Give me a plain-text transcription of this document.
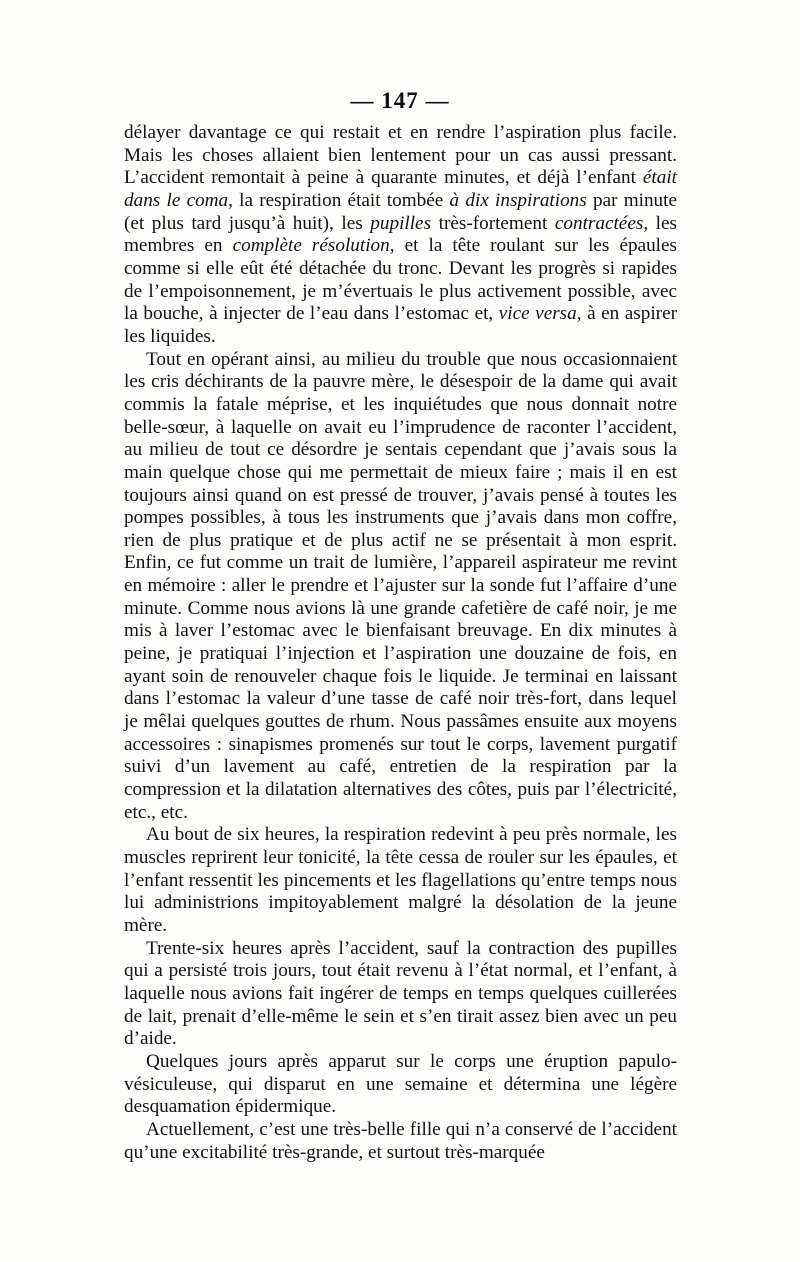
— 147 —

délayer davantage ce qui restait et en rendre l’aspiration plus facile. Mais les choses allaient bien lentement pour un cas aussi pressant. L’accident remontait à peine à quarante minutes, et déjà l’enfant était dans le coma, la respiration était tombée à dix inspirations par minute (et plus tard jusqu’à huit), les pupilles très-fortement contractées, les membres en complète résolution, et la tête roulant sur les épaules comme si elle eût été détachée du tronc. Devant les progrès si rapides de l’empoisonnement, je m’évertuais le plus activement possible, avec la bouche, à injecter de l’eau dans l’estomac et, vice versa, à en aspirer les liquides.

Tout en opérant ainsi, au milieu du trouble que nous occasionnaient les cris déchirants de la pauvre mère, le désespoir de la dame qui avait commis la fatale méprise, et les inquiétudes que nous donnait notre belle-sœur, à laquelle on avait eu l’imprudence de raconter l’accident, au milieu de tout ce désordre je sentais cependant que j’avais sous la main quelque chose qui me permettait de mieux faire ; mais il en est toujours ainsi quand on est pressé de trouver, j’avais pensé à toutes les pompes possibles, à tous les instruments que j’avais dans mon coffre, rien de plus pratique et de plus actif ne se présentait à mon esprit. Enfin, ce fut comme un trait de lumière, l’appareil aspirateur me revint en mémoire : aller le prendre et l’ajuster sur la sonde fut l’affaire d’une minute. Comme nous avions là une grande cafetière de café noir, je me mis à laver l’estomac avec le bienfaisant breuvage. En dix minutes à peine, je pratiquai l’injection et l’aspiration une douzaine de fois, en ayant soin de renouveler chaque fois le liquide. Je terminai en laissant dans l’estomac la valeur d’une tasse de café noir très-fort, dans lequel je mêlai quelques gouttes de rhum. Nous passâmes ensuite aux moyens accessoires : sinapismes promenés sur tout le corps, lavement purgatif suivi d’un lavement au café, entretien de la respiration par la compression et la dilatation alternatives des côtes, puis par l’électricité, etc., etc.

Au bout de six heures, la respiration redevint à peu près normale, les muscles reprirent leur tonicité, la tête cessa de rouler sur les épaules, et l’enfant ressentit les pincements et les flagellations qu’entre temps nous lui administrions impitoyablement malgré la désolation de la jeune mère.

Trente-six heures après l’accident, sauf la contraction des pupilles qui a persisté trois jours, tout était revenu à l’état normal, et l’enfant, à laquelle nous avions fait ingérer de temps en temps quelques cuillerées de lait, prenait d’elle-même le sein et s’en tirait assez bien avec un peu d’aide.

Quelques jours après apparut sur le corps une éruption papulo-vésiculeuse, qui disparut en une semaine et détermina une légère desquamation épidermique.

Actuellement, c’est une très-belle fille qui n’a conservé de l’accident qu’une excitabilité très-grande, et surtout très-marquée
